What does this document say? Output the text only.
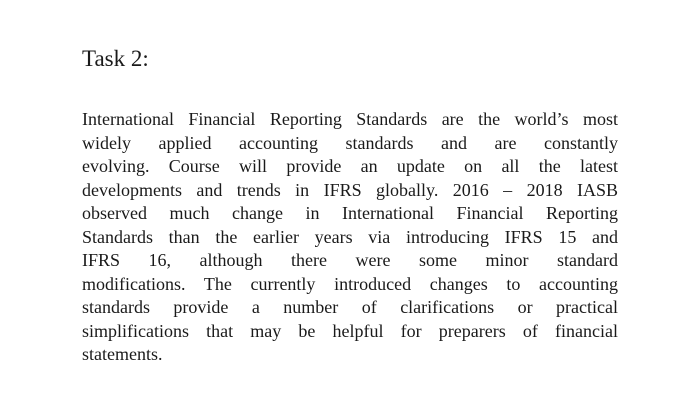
Task 2:
International Financial Reporting Standards are the world’s most
widely applied accounting standards and are constantly
evolving. Course will provide an update on all the latest
developments and trends in IFRS globally. 2016 – 2018 IASB
observed much change in International Financial Reporting
Standards than the earlier years via introducing IFRS 15 and
IFRS 16, although there were some minor standard
modifications. The currently introduced changes to accounting
standards provide a number of clarifications or practical
simplifications that may be helpful for preparers of financial
statements.
